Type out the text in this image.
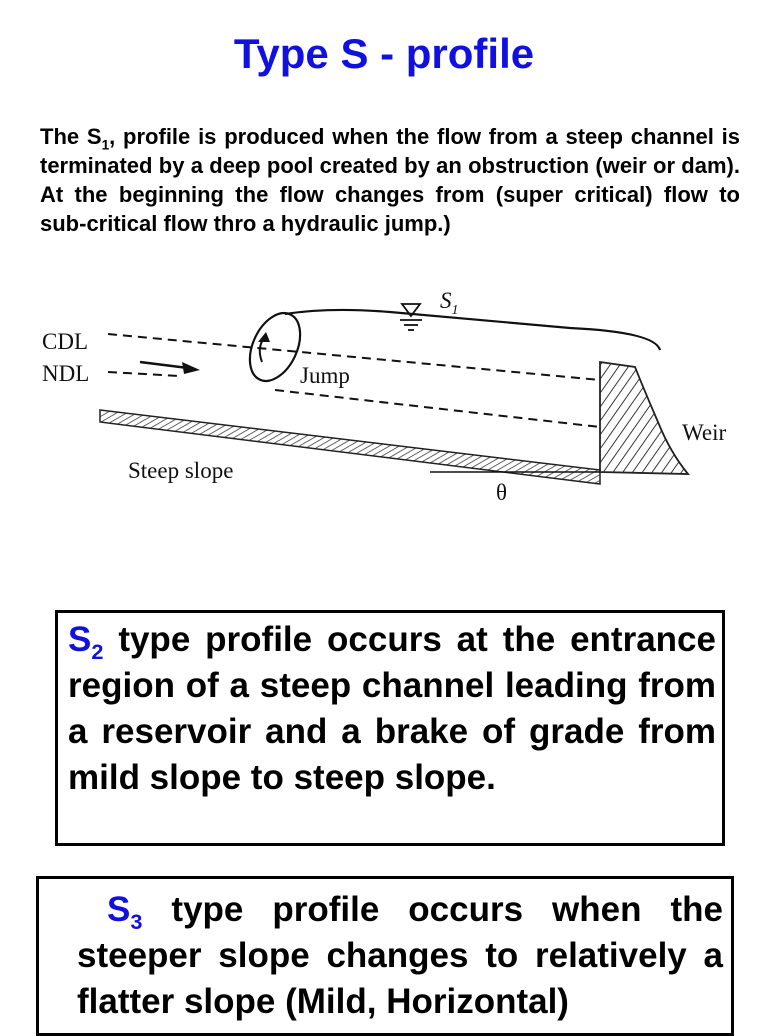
Type S - profile
The $S_1$, profile is produced when the flow from a steep channel is terminated by a deep pool created by an obstruction (weir or dam). At the beginning the flow changes from (super critical) flow to sub-critical flow thro a hydraulic jump.)
CDL
NDL	Jump
Weir
Steep slope
θ
$S_1$
$S_2$ type profile occurs at the entrance region of a steep channel leading from a reservoir and a brake of grade from mild slope to steep slope.
$S_3$ type profile occurs when the steeper slope changes to relatively a flatter slope (Mild, Horizontal)
